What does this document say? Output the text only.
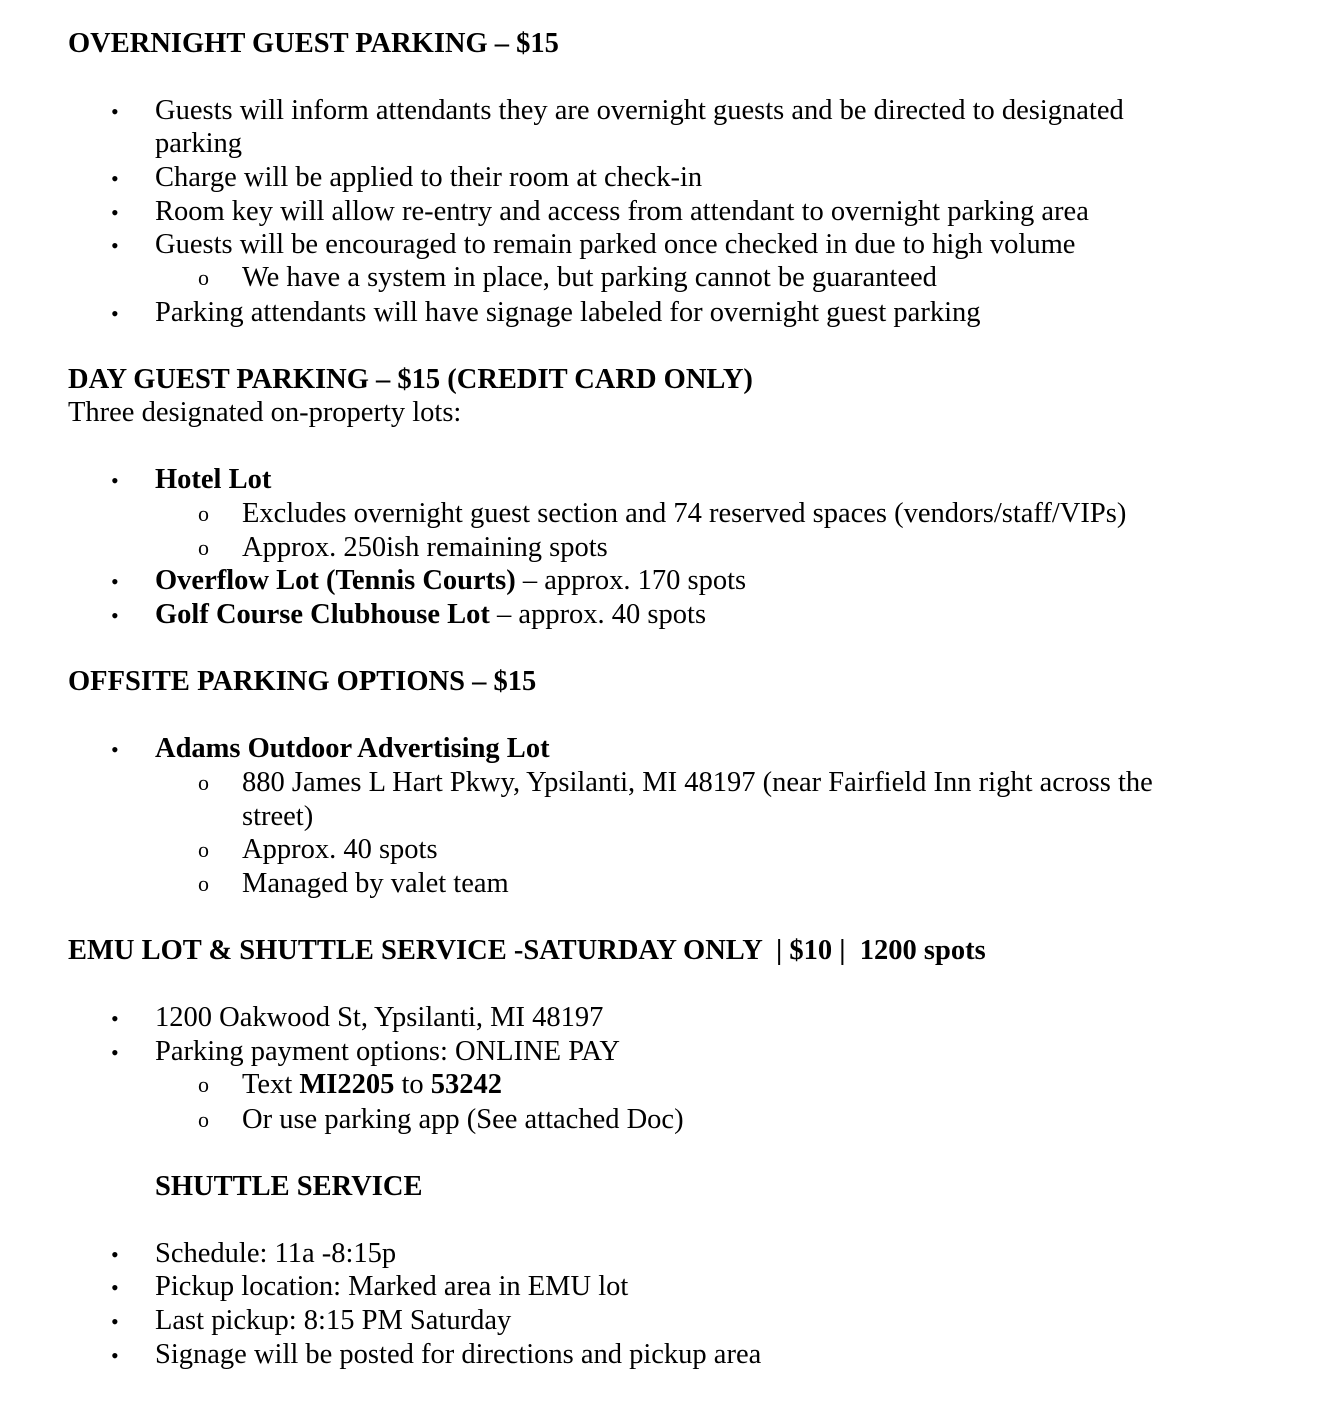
OVERNIGHT GUEST PARKING – $15
• Guests will inform attendants they are overnight guests and be directed to designated
parking
• Charge will be applied to their room at check-in
• Room key will allow re-entry and access from attendant to overnight parking area
• Guests will be encouraged to remain parked once checked in due to high volume
o We have a system in place, but parking cannot be guaranteed
• Parking attendants will have signage labeled for overnight guest parking
DAY GUEST PARKING – $15 (CREDIT CARD ONLY)
Three designated on-property lots:
• Hotel Lot
o Excludes overnight guest section and 74 reserved spaces (vendors/staff/VIPs)
o Approx. 250ish remaining spots
• Overflow Lot (Tennis Courts) – approx. 170 spots
• Golf Course Clubhouse Lot – approx. 40 spots
OFFSITE PARKING OPTIONS – $15
• Adams Outdoor Advertising Lot
o 880 James L Hart Pkwy, Ypsilanti, MI 48197 (near Fairfield Inn right across the
street)
o Approx. 40 spots
o Managed by valet team
EMU LOT & SHUTTLE SERVICE -SATURDAY ONLY  | $10 |  1200 spots
• 1200 Oakwood St, Ypsilanti, MI 48197
• Parking payment options: ONLINE PAY
o Text MI2205 to 53242
o Or use parking app (See attached Doc)
SHUTTLE SERVICE
• Schedule: 11a -8:15p
• Pickup location: Marked area in EMU lot
• Last pickup: 8:15 PM Saturday
• Signage will be posted for directions and pickup area
